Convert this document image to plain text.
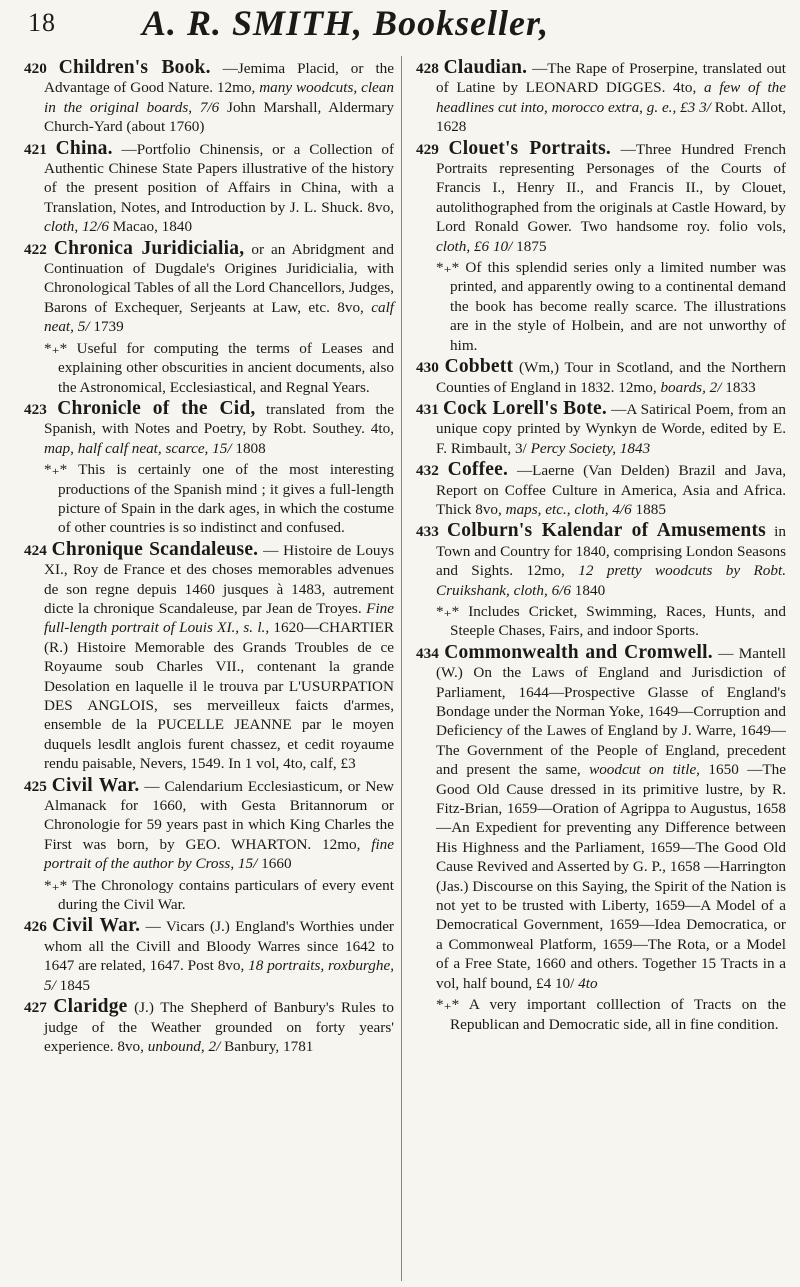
18 A. R. SMITH, Bookseller,
420 Children's Book. —Jemima Placid, or the Advantage of Good Nature. 12mo, many woodcuts, clean in the original boards, 7/6 John Marshall, Aldermary Church-Yard (about 1760)
421 China. —Portfolio Chinensis, or a Collection of Authentic Chinese State Papers illustrative of the history of the present position of Affairs in China, with a Translation, Notes, and Introduction by J. L. Shuck. 8vo, cloth, 12/6 Macao, 1840
422 Chronica Juridicialia, or an Abridgment and Continuation of Dugdale's Origines Juridicialia, with Chronological Tables of all the Lord Chancellors, Judges, Barons of Exchequer, Serjeants at Law, etc. 8vo, calf neat, 5/ 1739
*₊* Useful for computing the terms of Leases and explaining other obscurities in ancient documents, also the Astronomical, Ecclesiastical, and Regnal Years.
423 Chronicle of the Cid, translated from the Spanish, with Notes and Poetry, by Robt. Southey. 4to, map, half calf neat, scarce, 15/ 1808
*₊* This is certainly one of the most interesting productions of the Spanish mind ; it gives a full-length picture of Spain in the dark ages, in which the costume of other countries is so indistinct and confused.
424 Chronique Scandaleuse. — Histoire de Louys XI., Roy de France et des choses memorables advenues de son regne depuis 1460 jusques à 1483, autrement dicte la chronique Scandaleuse, par Jean de Troyes. Fine full-length portrait of Louis XI., s. l., 1620—CHARTIER (R.) Histoire Memorable des Grands Troubles de ce Royaume soub Charles VII., contenant la grande Desolation en laquelle il le trouva par L'USURPATION DES ANGLOIS, ses merveilleux faicts d'armes, ensemble de la PUCELLE JEANNE par le moyen duquels lesdlt anglois furent chassez, et cedit royaume rendu paisable, Nevers, 1549. In 1 vol, 4to, calf, £3
425 Civil War. — Calendarium Ecclesiasticum, or New Almanack for 1660, with Gesta Britannorum or Chronologie for 59 years past in which King Charles the First was born, by GEO. WHARTON. 12mo, fine portrait of the author by Cross, 15/ 1660
*₊* The Chronology contains particulars of every event during the Civil War.
426 Civil War. — Vicars (J.) England's Worthies under whom all the Civill and Bloody Warres since 1642 to 1647 are related, 1647. Post 8vo, 18 portraits, roxburghe, 5/ 1845
427 Claridge (J.) The Shepherd of Banbury's Rules to judge of the Weather grounded on forty years' experience. 8vo, unbound, 2/ Banbury, 1781
428 Claudian. —The Rape of Proserpine, translated out of Latine by LEONARD DIGGES. 4to, a few of the headlines cut into, morocco extra, g. e., £3 3/ Robt. Allot, 1628
429 Clouet's Portraits. —Three Hundred French Portraits representing Personages of the Courts of Francis I., Henry II., and Francis II., by Clouet, autolithographed from the originals at Castle Howard, by Lord Ronald Gower. Two handsome roy. folio vols, cloth, £6 10/ 1875
*₊* Of this splendid series only a limited number was printed, and apparently owing to a continental demand the book has become really scarce. The illustrations are in the style of Holbein, and are not unworthy of him.
430 Cobbett (Wm,) Tour in Scotland, and the Northern Counties of England in 1832. 12mo, boards, 2/ 1833
431 Cock Lorell's Bote. —A Satirical Poem, from an unique copy printed by Wynkyn de Worde, edited by E. F. Rimbault, 3/ Percy Society, 1843
432 Coffee. —Laerne (Van Delden) Brazil and Java, Report on Coffee Culture in America, Asia and Africa. Thick 8vo, maps, etc., cloth, 4/6 1885
433 Colburn's Kalendar of Amusements in Town and Country for 1840, comprising London Seasons and Sights. 12mo, 12 pretty woodcuts by Robt. Cruikshank, cloth, 6/6 1840
*₊* Includes Cricket, Swimming, Races, Hunts, and Steeple Chases, Fairs, and indoor Sports.
434 Commonwealth and Cromwell. — Mantell (W.) On the Laws of England and Jurisdiction of Parliament, 1644—Prospective Glasse of England's Bondage under the Norman Yoke, 1649—Corruption and Deficiency of the Lawes of England by J. Warre, 1649—The Government of the People of England, precedent and present the same, woodcut on title, 1650 —The Good Old Cause dressed in its primitive lustre, by R. Fitz-Brian, 1659—Oration of Agrippa to Augustus, 1658—An Expedient for preventing any Difference between His Highness and the Parliament, 1659—The Good Old Cause Revived and Asserted by G. P., 1658 —Harrington (Jas.) Discourse on this Saying, the Spirit of the Nation is not yet to be trusted with Liberty, 1659—A Model of a Democratical Government, 1659—Idea Democratica, or a Commonweal Platform, 1659—The Rota, or a Model of a Free State, 1660 and others. Together 15 Tracts in a vol, half bound, £4 10/ 4to
*₊* A very important colllection of Tracts on the Republican and Democratic side, all in fine condition.
